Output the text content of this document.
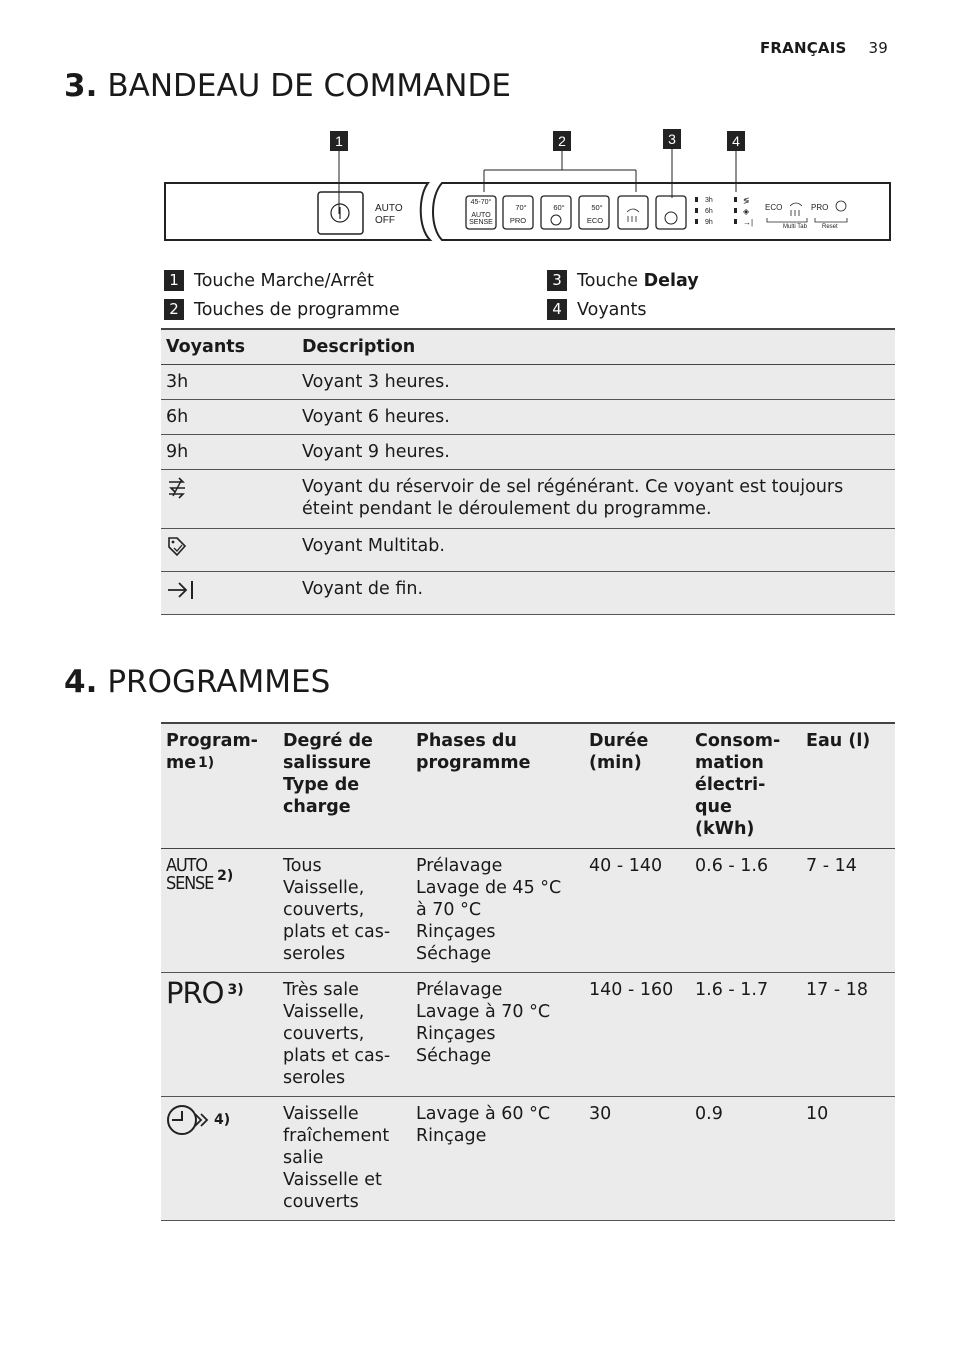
FRANÇAIS 39
3. BANDEAU DE COMMANDE
1	2	3	4
AUTO
OFF
45-70°
AUTO
SENSE
70°
PRO
60°	50°
ECO
3h
6h
9h
≶
◈
→|
ECO	PRO
Multi Tab	Reset
1 Touche Marche/Arrêt
2 Touches de programme
3 Touche Delay
4 Voyants
Voyants	Description
3h	Voyant 3 heures.
6h	Voyant 6 heures.
9h	Voyant 9 heures.
	Voyant du réservoir de sel régénérant. Ce voyant est toujours éteint pendant le déroulement du programme.
	Voyant Multitab.
	Voyant de fin.
4. PROGRAMMES
Program-me 1)	Degré de salissure Type de charge	Phases du programme	Durée (min)	Consom-mation électri-que (kWh)	Eau (l)

AUTO
SENSE $^{2)}$	Tous
Vaisselle,
couverts,
plats et cas-
seroles	Prélavage
Lavage de 45 °C
à 70 °C
Rinçages
Séchage	40 - 140	0.6 - 1.6	7 - 14

PRO $^{3)}$	Très sale
Vaisselle,
couverts,
plats et cas-
seroles	Prélavage
Lavage à 70 °C
Rinçages
Séchage	140 - 160	1.6 - 1.7	17 - 18

$^{4)}$	Vaisselle
fraîchement
salie
Vaisselle et
couverts	Lavage à 60 °C
Rinçage	30	0.9	10
